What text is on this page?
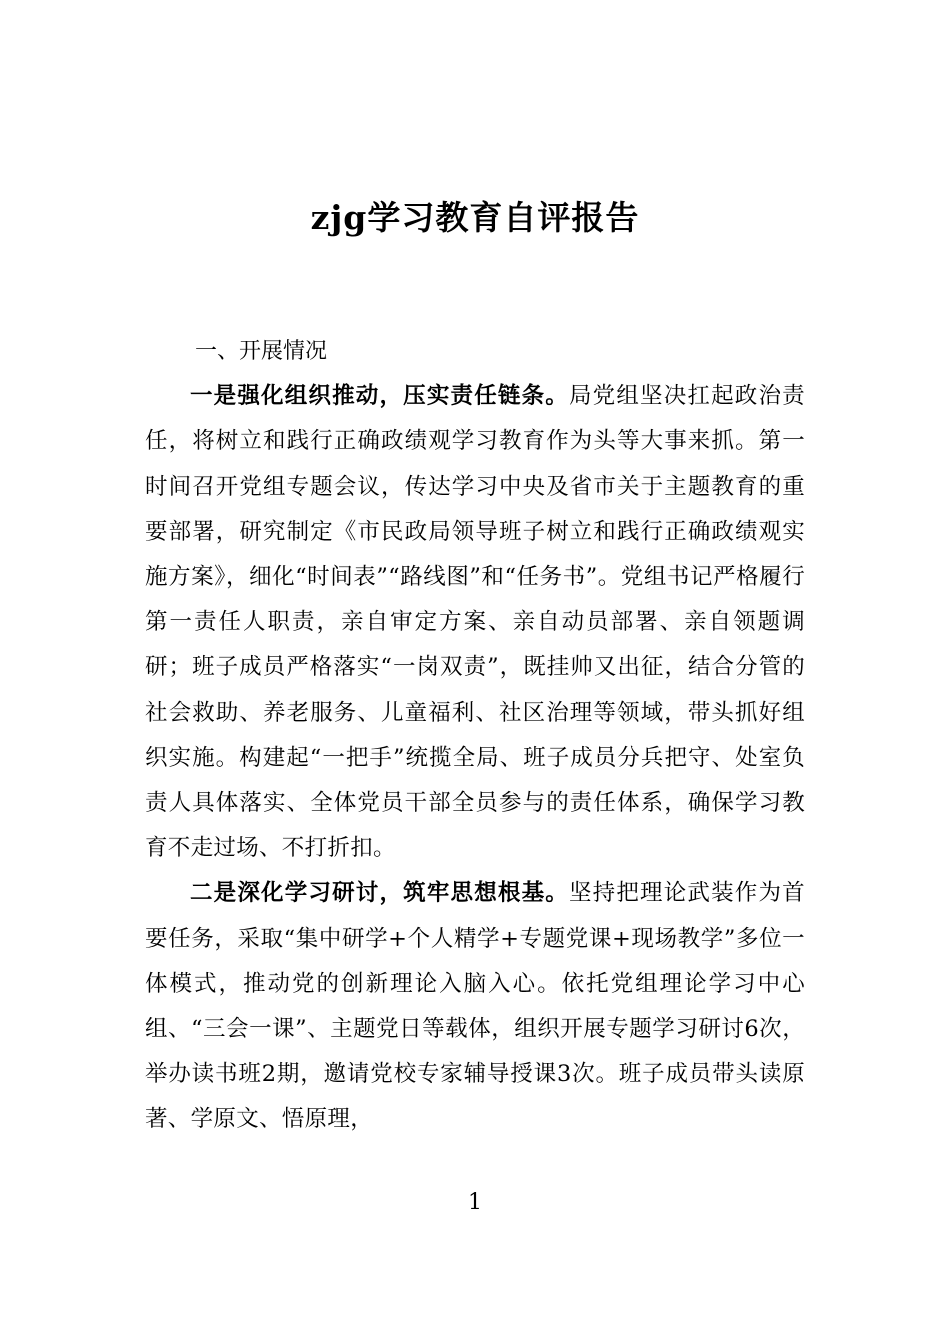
zjg学习教育自评报告

一、开展情况

一是强化组织推动，压实责任链条。局党组坚决扛起政治责任，将树立和践行正确政绩观学习教育作为头等大事来抓。第一时间召开党组专题会议，传达学习中央及省市关于主题教育的重要部署，研究制定《市民政局领导班子树立和践行正确政绩观实施方案》，细化“时间表”“路线图”和“任务书”。党组书记严格履行第一责任人职责，亲自审定方案、亲自动员部署、亲自领题调研；班子成员严格落实“一岗双责”，既挂帅又出征，结合分管的社会救助、养老服务、儿童福利、社区治理等领域，带头抓好组织实施。构建起“一把手”统揽全局、班子成员分兵把守、处室负责人具体落实、全体党员干部全员参与的责任体系，确保学习教育不走过场、不打折扣。

二是深化学习研讨，筑牢思想根基。坚持把理论武装作为首要任务，采取“集中研学+个人精学+专题党课+现场教学”多位一体模式，推动党的创新理论入脑入心。依托党组理论学习中心组、“三会一课”、主题党日等载体，组织开展专题学习研讨6次，举办读书班2期，邀请党校专家辅导授课3次。班子成员带头读原著、学原文、悟原理，

1
